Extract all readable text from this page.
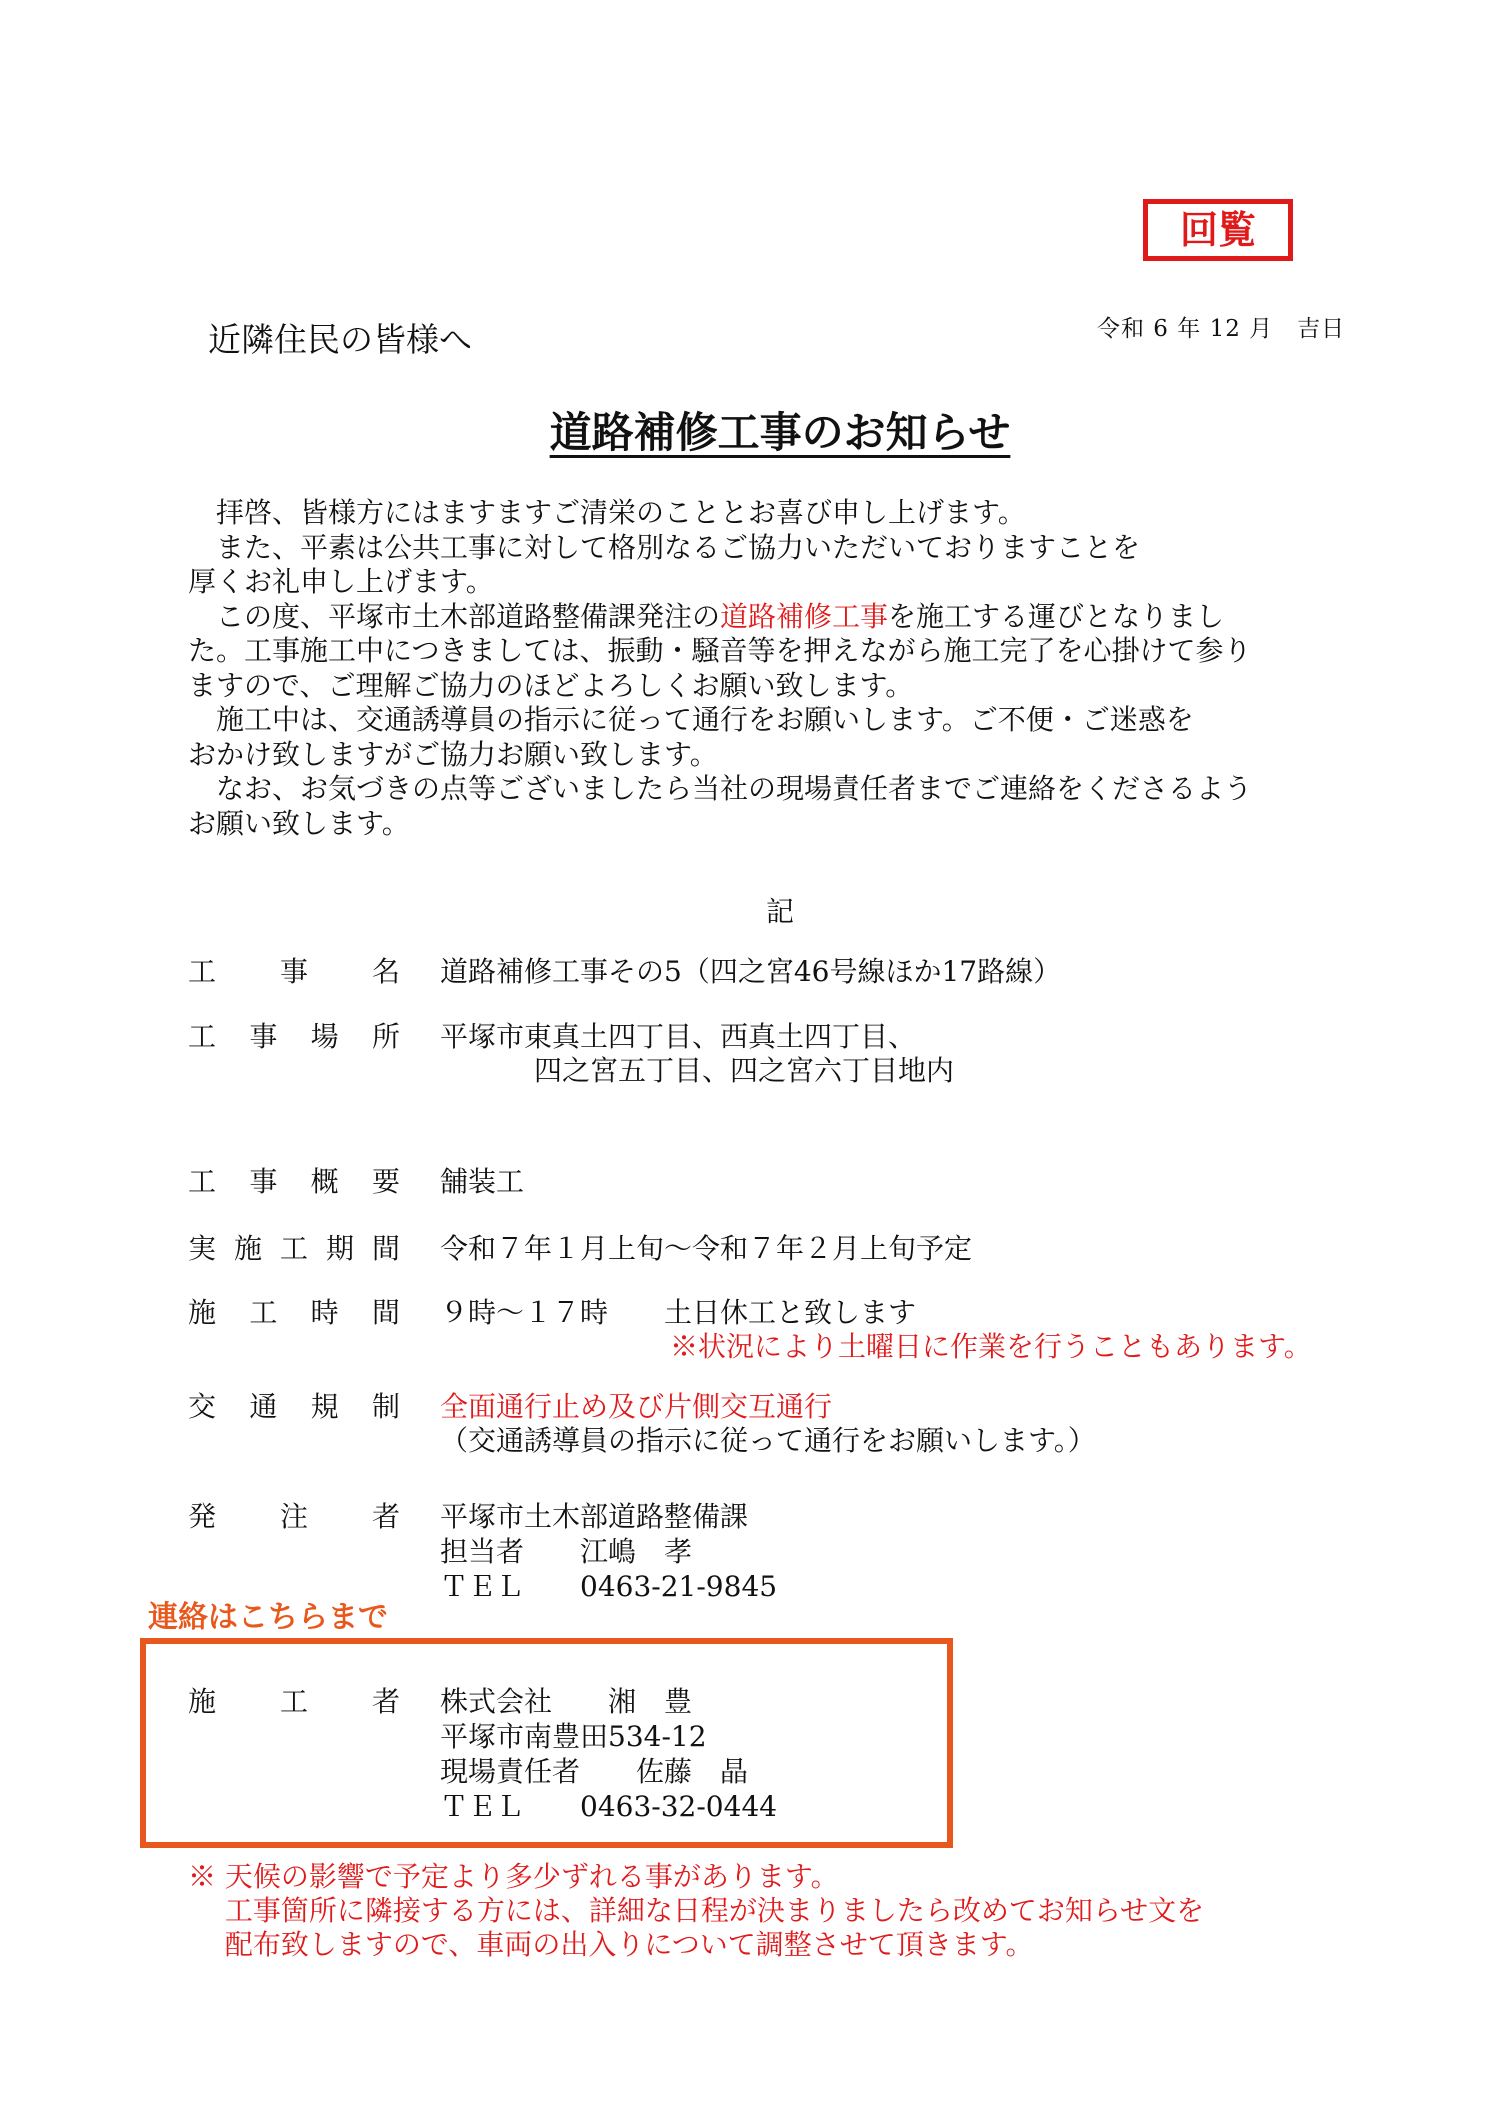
回覧
近隣住民の皆様へ	令和 6 年 12 月　吉日
道路補修工事のお知らせ
　拝啓、皆様方にはますますご清栄のこととお喜び申し上げます。
　また、平素は公共工事に対して格別なるご協力いただいておりますことを
厚くお礼申し上げます。
　この度、平塚市土木部道路整備課発注の道路補修工事を施工する運びとなりまし
た。工事施工中につきましては、振動・騒音等を押えながら施工完了を心掛けて参り
ますので、ご理解ご協力のほどよろしくお願い致します。
　施工中は、交通誘導員の指示に従って通行をお願いします。ご不便・ご迷惑を
おかけ致しますがご協力お願い致します。
　なお、お気づきの点等ございましたら当社の現場責任者までご連絡をくださるよう
お願い致します。
記
工 事 名 道路補修工事その5（四之宮46号線ほか17路線）
工 事 場 所 平塚市東真土四丁目、西真土四丁目、
四之宮五丁目、四之宮六丁目地内
工 事 概 要 舗装工
実 施 工 期 間 令和７年１月上旬～令和７年２月上旬予定
施 工 時 間 ９時～１７時　　土日休工と致します
※状況により土曜日に作業を行うこともあります。
交 通 規 制 全面通行止め及び片側交互通行
（交通誘導員の指示に従って通行をお願いします。）
発 注 者 平塚市土木部道路整備課
担当者　　江嶋　孝
ＴＥＬ　　0463-21-9845
連絡はこちらまで
施 工 者 株式会社　　湘　豊
平塚市南豊田534-12
現場責任者　　佐藤　晶
ＴＥＬ　　0463-32-0444
※ 天候の影響で予定より多少ずれる事があります。
　 工事箇所に隣接する方には、詳細な日程が決まりましたら改めてお知らせ文を
　 配布致しますので、車両の出入りについて調整させて頂きます。
